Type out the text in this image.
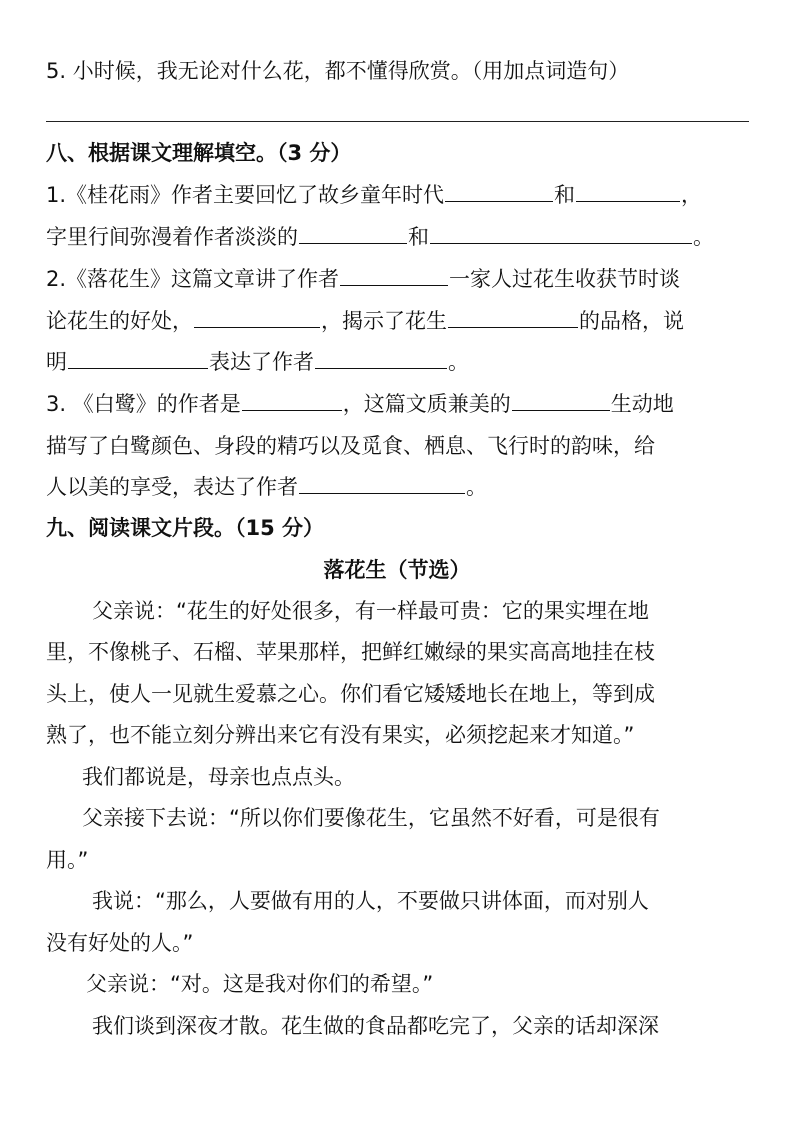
5. 小时候，我无论对什么花，都不懂得欣赏。（用加点词造句）
八、根据课文理解填空。（3 分）
1.《桂花雨》作者主要回忆了故乡童年时代	和	，
字里行间弥漫着作者淡淡的	和	。
2.《落花生》这篇文章讲了作者	一家人过花生收获节时谈
论花生的好处，	，揭示了花生	的品格，说
明	表达了作者	。
3. 《白鹭》的作者是	，这篇文质兼美的	生动地
描写了白鹭颜色、身段的精巧以及觅食、栖息、飞行时的韵味，给
人以美的享受，表达了作者	。
九、阅读课文片段。（15 分）
落花生（节选）
父亲说：“花生的好处很多，有一样最可贵：它的果实埋在地
里，不像桃子、石榴、苹果那样，把鲜红嫩绿的果实高高地挂在枝
头上，使人一见就生爱慕之心。你们看它矮矮地长在地上，等到成
熟了，也不能立刻分辨出来它有没有果实，必须挖起来才知道。”
我们都说是，母亲也点点头。
父亲接下去说：“所以你们要像花生，它虽然不好看，可是很有
用。”
我说：“那么，人要做有用的人，不要做只讲体面，而对别人
没有好处的人。”
父亲说：“对。这是我对你们的希望。”
我们谈到深夜才散。花生做的食品都吃完了，父亲的话却深深
